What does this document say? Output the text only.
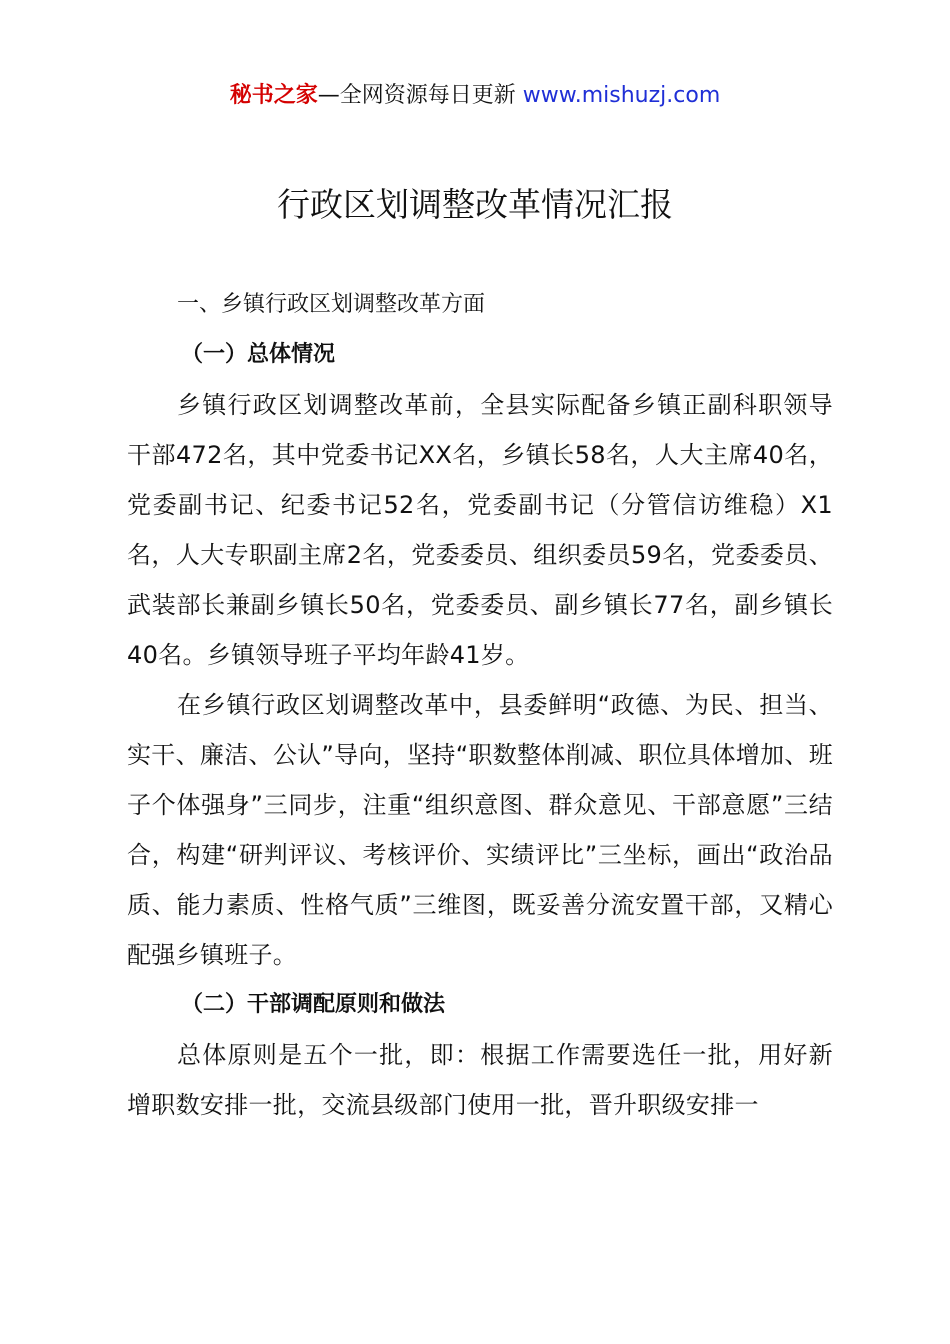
秘书之家—全网资源每日更新 www.mishuzj.com
行政区划调整改革情况汇报

一、乡镇行政区划调整改革方面

（一）总体情况

乡镇行政区划调整改革前，全县实际配备乡镇正副科职领导干部472名，其中党委书记XX名，乡镇长58名，人大主席40名，党委副书记、纪委书记52名，党委副书记（分管信访维稳）X1名，人大专职副主席2名，党委委员、组织委员59名，党委委员、武装部长兼副乡镇长50名，党委委员、副乡镇长77名，副乡镇长40名。乡镇领导班子平均年龄41岁。

在乡镇行政区划调整改革中，县委鲜明“政德、为民、担当、实干、廉洁、公认”导向，坚持“职数整体削减、职位具体增加、班子个体强身”三同步，注重“组织意图、群众意见、干部意愿”三结合，构建“研判评议、考核评价、实绩评比”三坐标，画出“政治品质、能力素质、性格气质”三维图，既妥善分流安置干部，又精心配强乡镇班子。

（二）干部调配原则和做法

总体原则是五个一批，即：根据工作需要选任一批，用好新增职数安排一批，交流县级部门使用一批，晋升职级安排一
